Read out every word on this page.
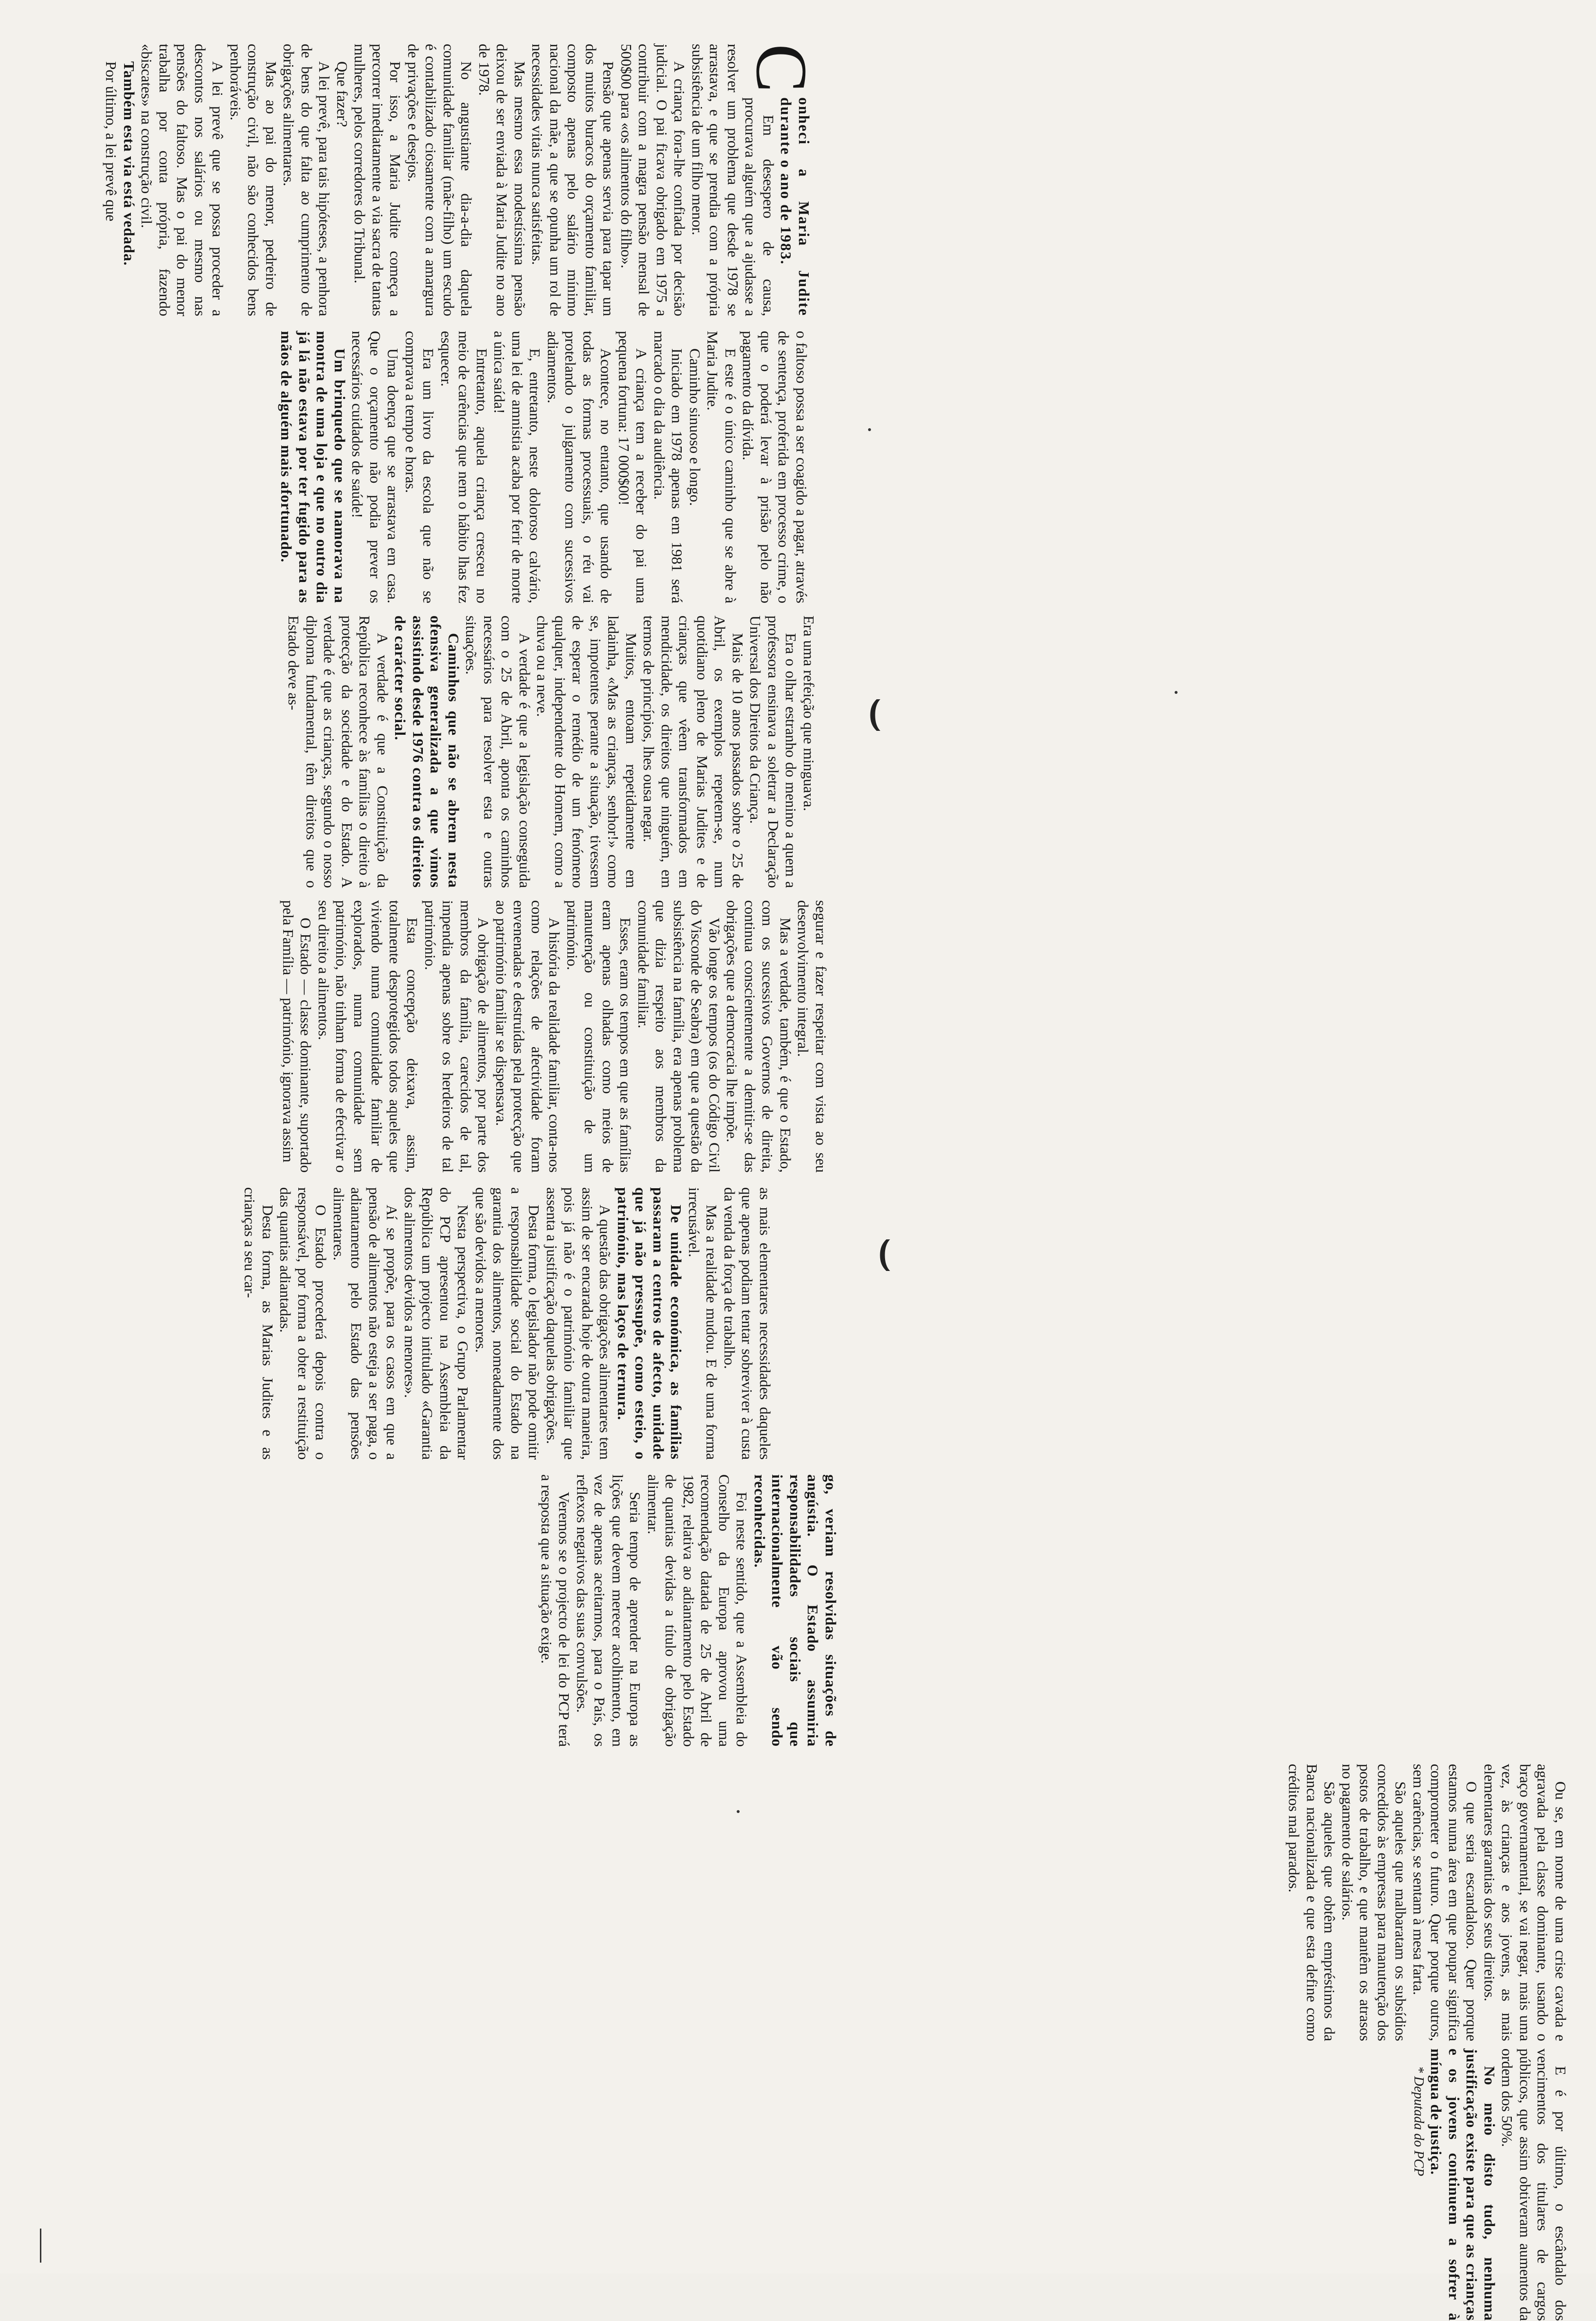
⌣
⌣

C
onheci a Maria Judite durante o ano de 1983.

Em desespero de causa, procurava alguém que a ajudasse a resolver um problema que desde 1978 se arrastava, e que se prendia com a própria subsistência de um filho menor.

A criança fora-lhe confiada por decisão judicial. O pai ficava obrigado em 1975 a contribuir com a magra pensão mensal de 500$00 para «os alimentos do filho».

Pensão que apenas servia para tapar um dos muitos buracos do orçamento familiar, composto apenas pelo salário mínimo nacional da mãe, a que se opunha um rol de necessidades vitais nunca satisfeitas.

Mas mesmo essa modestíssima pensão deixou de ser enviada à Maria Judite no ano de 1978.

No angustiante dia-a-dia daquela comunidade familiar (mãe-filho) um escudo é contabilizado ciosamente com a amargura de privações e desejos.

Por isso, a Maria Judite começa a percorrer imediatamente a via sacra de tantas mulheres, pelos corredores do Tribunal.

Que fazer?

A lei prevê, para tais hipóteses, a penhora de bens do que falta ao cumprimento de obrigações alimentares.

Mas ao pai do menor, pedreiro de construção civil, não são conhecidos bens penhoráveis.

A lei prevê que se possa proceder a descontos nos salários ou mesmo nas pensões do faltoso. Mas o pai do menor trabalha por conta própria, fazendo «biscates» na construção civil.

Também esta via está vedada.

Por último, a lei prevê que

o faltoso possa a ser coagido a pagar, através de sentença, proferida em processo crime, o que o poderá levar à prisão pelo não pagamento da dívida.

E este é o único caminho que se abre à Maria Judite.

Caminho sinuoso e longo.

Iniciado em 1978 apenas em 1981 será marcado o dia da audiência.

A criança tem a receber do pai uma pequena fortuna: 17 000$00!

Acontece, no entanto, que usando de todas as formas processuais, o réu vai protelando o julgamento com sucessivos adiamentos.

E, entretanto, neste doloroso calvário, uma lei de amnistia acaba por ferir de morte a única saída!

Entretanto, aquela criança cresceu no meio de carências que nem o hábito lhas fez esquecer.

Era um livro da escola que não se comprava a tempo e horas.

Uma doença que se arrastava em casa. Que o orçamento não podia prever os necessários cuidados de saúde!

Um brinquedo que se namorava na montra de uma loja e que no outro dia já lá não estava por ter fugido para as mãos de alguém mais afortunado.

Era uma refeição que minguava.

Era o olhar estranho do menino a quem a professora ensinava a soletrar a Declaração Universal dos Direitos da Criança.

Mais de 10 anos passados sobre o 25 de Abril, os exemplos repetem-se, num quotidiano pleno de Marias Judites e de crianças que vêem transformados em mendicidade, os direitos que ninguém, em termos de princípios, lhes ousa negar.

Muitos, entoam repetidamente em ladainha, «Mas as crianças, senhor!» como se, impotentes perante a situação, tivessem de esperar o remédio de um fenómeno qualquer, independente do Homem, como a chuva ou a neve.

A verdade é que a legislação conseguida com o 25 de Abril, aponta os caminhos necessários para resolver esta e outras situações.

Caminhos que não se abrem nesta ofensiva generalizada a que vimos assistindo desde 1976 contra os direitos de carácter social.

A verdade é que a Constituição da República reconhece às famílias o direito à protecção da sociedade e do Estado. A verdade é que as crianças, segundo o nosso diploma fundamental, têm direitos que o Estado deve as-

segurar e fazer respeitar com vista ao seu desenvolvimento integral.

Mas a verdade, também, é que o Estado, com os sucessivos Governos de direita, continua conscientemente a demitir-se das obrigações que a democracia lhe impõe.

Vão longe os tempos (os do Código Civil do Visconde de Seabra) em que a questão da subsistência na família, era apenas problema que dizia respeito aos membros da comunidade familiar.

Esses, eram os tempos em que as famílias eram apenas olhadas como meios de manutenção ou constituição de um património.

A história da realidade familiar, conta-nos como relações de afectividade foram envenenadas e destruídas pela protecção que ao património familiar se dispensava.

A obrigação de alimentos, por parte dos membros da família, carecidos de tal, impendia apenas sobre os herdeiros de tal património.

Esta concepção deixava, assim, totalmente desprotegidos todos aqueles que viviendo numa comunidade familiar de explorados, numa comunidade sem património, não tinham forma de efectivar o seu direito a alimentos.

O Estado — classe dominante, suportado pela Família — património, ignorava assim

as mais elementares necessidades daqueles que apenas podiam tentar sobreviver à custa da venda da força de trabalho.

Mas a realidade mudou. E de uma forma irrecusável.

De unidade económica, as famílias passaram a centros de afecto, unidade que já não pressupõe, como esteio, o património, mas laços de ternura.

A questão das obrigações alimentares tem assim de ser encarada hoje de outra maneira, pois já não é o património familiar que assenta a justificação daquelas obrigações.

Desta forma, o legislador não pode omitir a responsabilidade social do Estado na garantia dos alimentos, nomeadamente dos que são devidos a menores.

Nesta perspectiva, o Grupo Parlamentar do PCP apresentou na Assembleia da República um projecto intitulado «Garantia dos alimentos devidos a menores».

Aí se propõe, para os casos em que a pensão de alimentos não esteja a ser paga, o adiantamento pelo Estado das pensões alimentares.

O Estado procederá depois contra o responsável, por forma a obter a restituição das quantias adiantadas.

Desta forma, as Marias Judites e as crianças a seu car-

go, veriam resolvidas situações de angústia. O Estado assumiria responsabilidades sociais que internacionalmente vão sendo reconhecidas.

Foi neste sentido, que a Assembleia do Conselho da Europa aprovou uma recomendação datada de 25 de Abril de 1982, relativa ao adiantamento pelo Estado de quantias devidas a título de obrigação alimentar.

Seria tempo de aprender na Europa as lições que devem merecer acolhimento, em vez de apenas aceitarmos, para o País, os reflexos negativos das suas convulsões.

Veremos se o projecto de lei do PCP terá a resposta que a situação exige.

Ou se, em nome de uma crise cavada e agravada pela classe dominante, usando o braço governamental, se vai negar, mais uma vez, às crianças e aos jovens, as mais elementares garantias dos seus direitos.

O que seria escandaloso. Quer porque estamos numa área em que poupar significa comprometer o futuro. Quer porque outros, sem carências, se sentam à mesa farta.

São aqueles que malbaratam os subsídios concedidos às empresas para manutenção dos postos de trabalho, e que mantêm os atrasos no pagamento de salários.

São aqueles que obtêm empréstimos da Banca nacionalizada e que esta define como créditos mal parados.

E é por último, o escândalo dos vencimentos dos titulares de cargos públicos, que assim obtiveram aumentos da ordem dos 50%.

No meio disto tudo, nenhuma justificação existe para que as crianças e os jovens continuem a sofrer à míngua de justiça.

* Deputada do PCP
